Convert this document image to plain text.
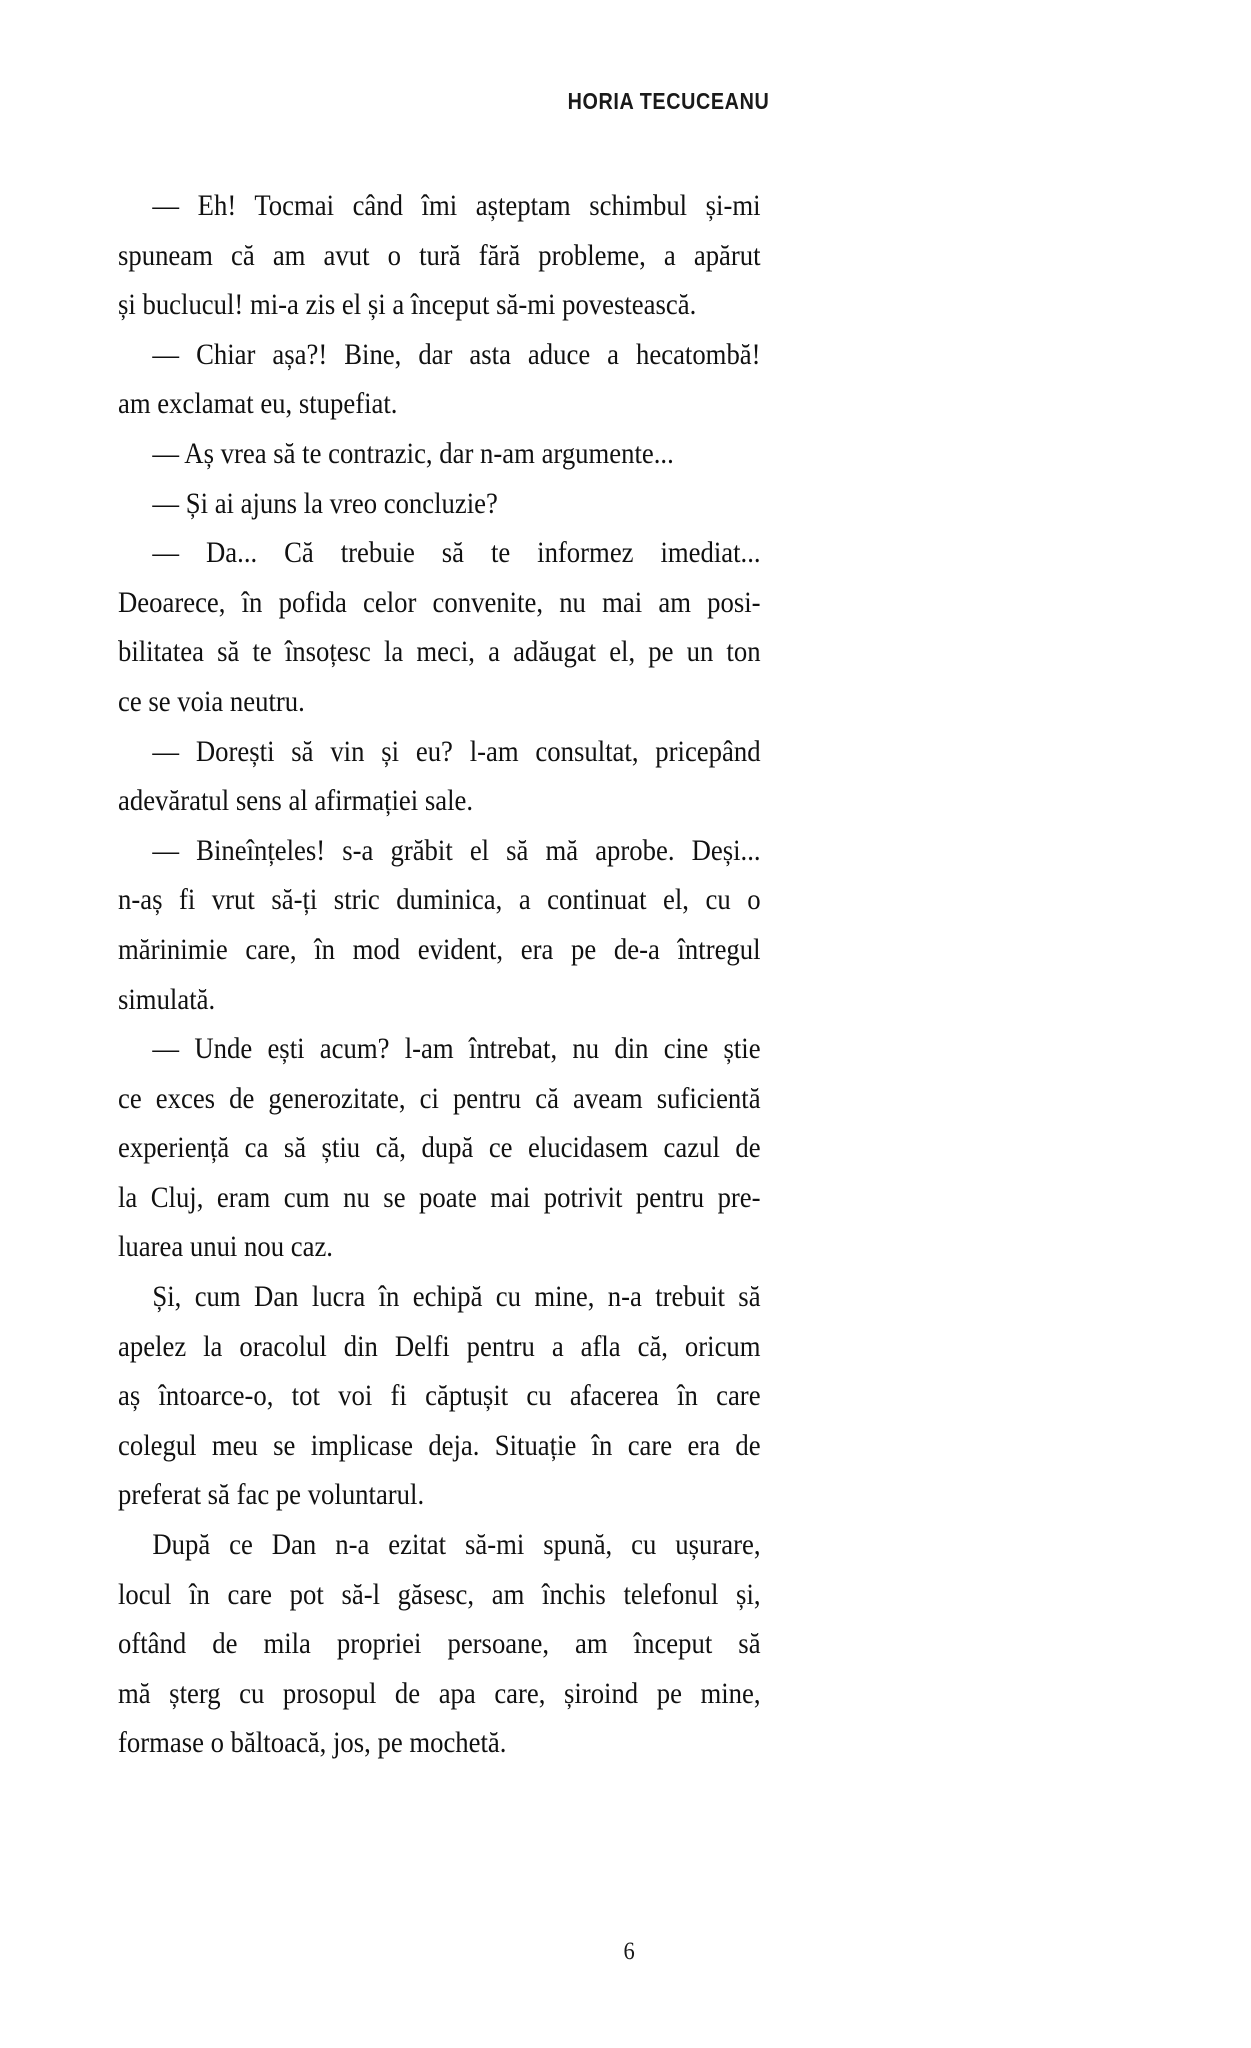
HORIA TECUCEANU

— Eh! Tocmai când îmi așteptam schimbul și-mi
spuneam că am avut o tură fără probleme, a apărut
și buclucul! mi-a zis el și a început să-mi povestească.

— Chiar așa?! Bine, dar asta aduce a hecatombă!
am exclamat eu, stupefiat.

— Aș vrea să te contrazic, dar n-am argumente...

— Și ai ajuns la vreo concluzie?

— Da... Că trebuie să te informez imediat...
Deoarece, în pofida celor convenite, nu mai am posi-
bilitatea să te însoțesc la meci, a adăugat el, pe un ton
ce se voia neutru.

— Dorești să vin și eu? l-am consultat, pricepând
adevăratul sens al afirmației sale.

— Bineînțeles! s-a grăbit el să mă aprobe. Deși...
n-aș fi vrut să-ți stric duminica, a continuat el, cu o
mărinimie care, în mod evident, era pe de-a întregul
simulată.

— Unde ești acum? l-am întrebat, nu din cine știe
ce exces de generozitate, ci pentru că aveam suficientă
experiență ca să știu că, după ce elucidasem cazul de
la Cluj, eram cum nu se poate mai potrivit pentru pre-
luarea unui nou caz.

Și, cum Dan lucra în echipă cu mine, n-a trebuit să
apelez la oracolul din Delfi pentru a afla că, oricum
aș întoarce-o, tot voi fi căptușit cu afacerea în care
colegul meu se implicase deja. Situație în care era de
preferat să fac pe voluntarul.

După ce Dan n-a ezitat să-mi spună, cu ușurare,
locul în care pot să-l găsesc, am închis telefonul și,
oftând de mila propriei persoane, am început să
mă șterg cu prosopul de apa care, șiroind pe mine,
formase o băltoacă, jos, pe mochetă.

6
